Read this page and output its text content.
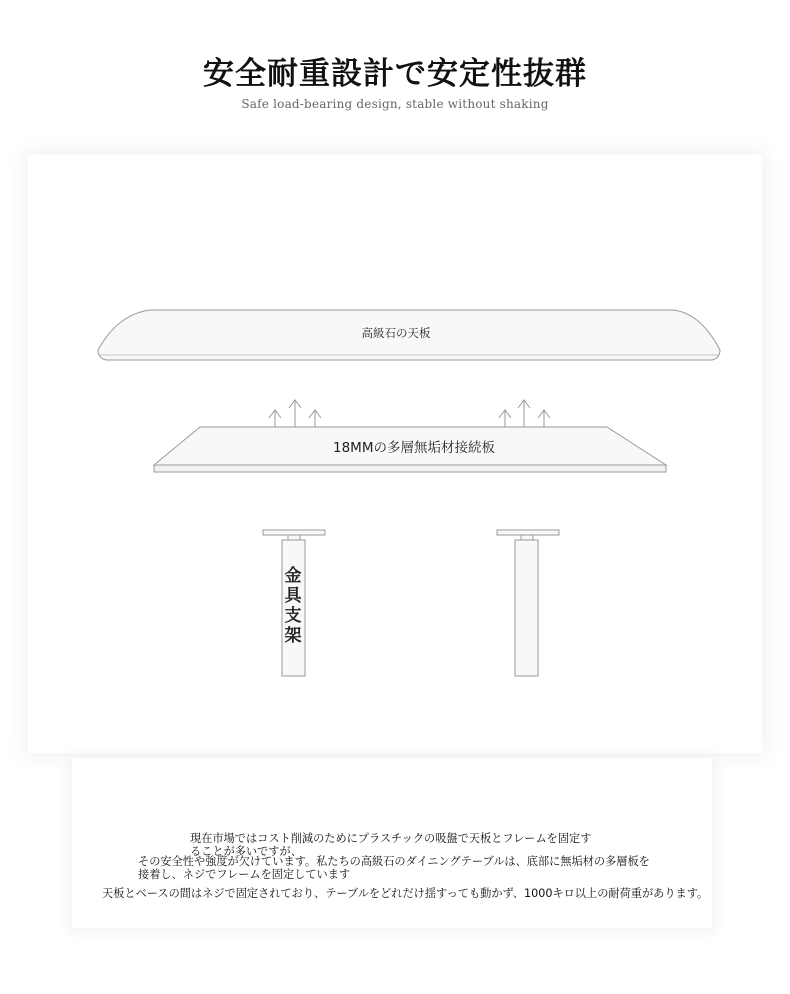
安全耐重設計で安定性抜群
Safe load-bearing design, stable without shaking
高級石の天板
18MMの多層無垢材接続板
金
具
支
架
現在市場ではコスト削減のためにプラスチックの吸盤で天板とフレームを固定することが多いですが、
その安全性や強度が欠けています。私たちの高級石のダイニングテーブルは、底部に無垢材の多層板を接着し、ネジでフレームを固定しています
天板とベースの間はネジで固定されており、テーブルをどれだけ揺すっても動かず、1000キロ以上の耐荷重があります。
